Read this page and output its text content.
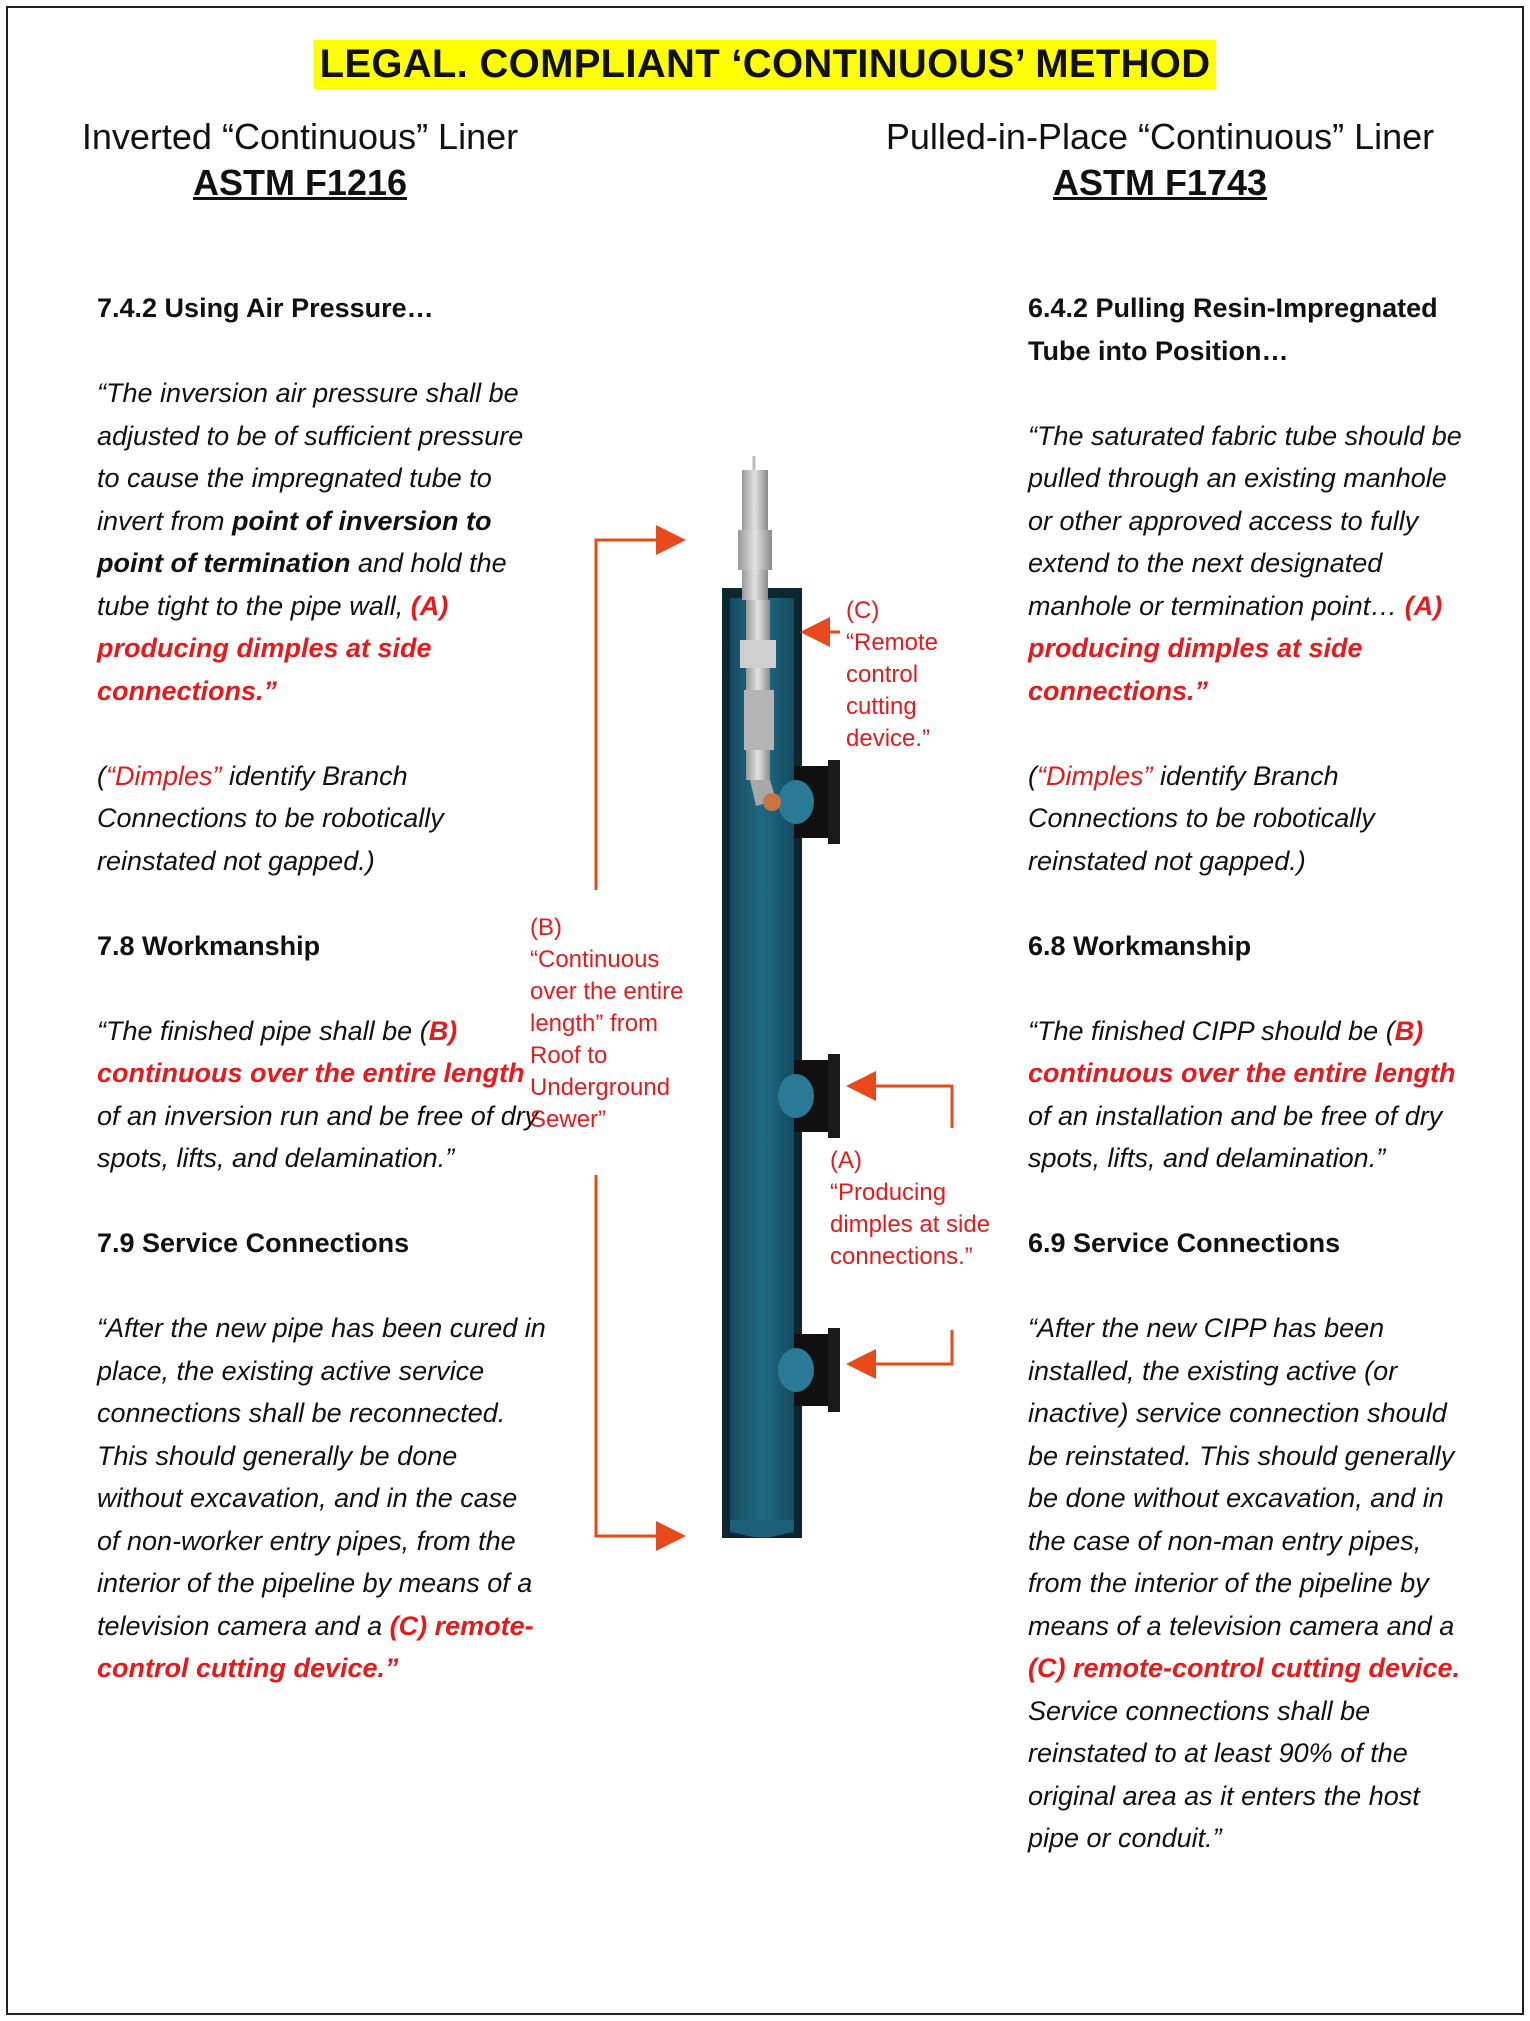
LEGAL. COMPLIANT ‘CONTINUOUS’ METHOD
Inverted “Continuous” Liner
ASTM F1216
Pulled-in-Place “Continuous” Liner
ASTM F1743
7.4.2 Using Air Pressure…
“The inversion air pressure shall be adjusted to be of sufficient pressure to cause the impregnated tube to invert from point of inversion to point of termination and hold the tube tight to the pipe wall, (A) producing dimples at side connections.”
(“Dimples” identify Branch Connections to be robotically reinstated not gapped.)
7.8 Workmanship
“The finished pipe shall be (B) continuous over the entire length of an inversion run and be free of dry spots, lifts, and delamination.”
7.9 Service Connections
“After the new pipe has been cured in place, the existing active service connections shall be reconnected. This should generally be done without excavation, and in the case of non-worker entry pipes, from the interior of the pipeline by means of a television camera and a (C) remote-control cutting device.”
6.4.2 Pulling Resin-Impregnated Tube into Position…
“The saturated fabric tube should be pulled through an existing manhole or other approved access to fully extend to the next designated manhole or termination point… (A) producing dimples at side connections.”
(“Dimples” identify Branch Connections to be robotically reinstated not gapped.)
6.8 Workmanship
“The finished CIPP should be (B) continuous over the entire length of an installation and be free of dry spots, lifts, and delamination.”
6.9 Service Connections
“After the new CIPP has been installed, the existing active (or inactive) service connection should be reinstated. This should generally be done without excavation, and in the case of non-man entry pipes, from the interior of the pipeline by means of a television camera and a (C) remote-control cutting device. Service connections shall be reinstated to at least 90% of the original area as it enters the host pipe or conduit.”
(C)
“Remote control cutting device.”
(B)
“Continuous over the entire length” from Roof to Underground Sewer”
(A)
“Producing dimples at side connections.”
